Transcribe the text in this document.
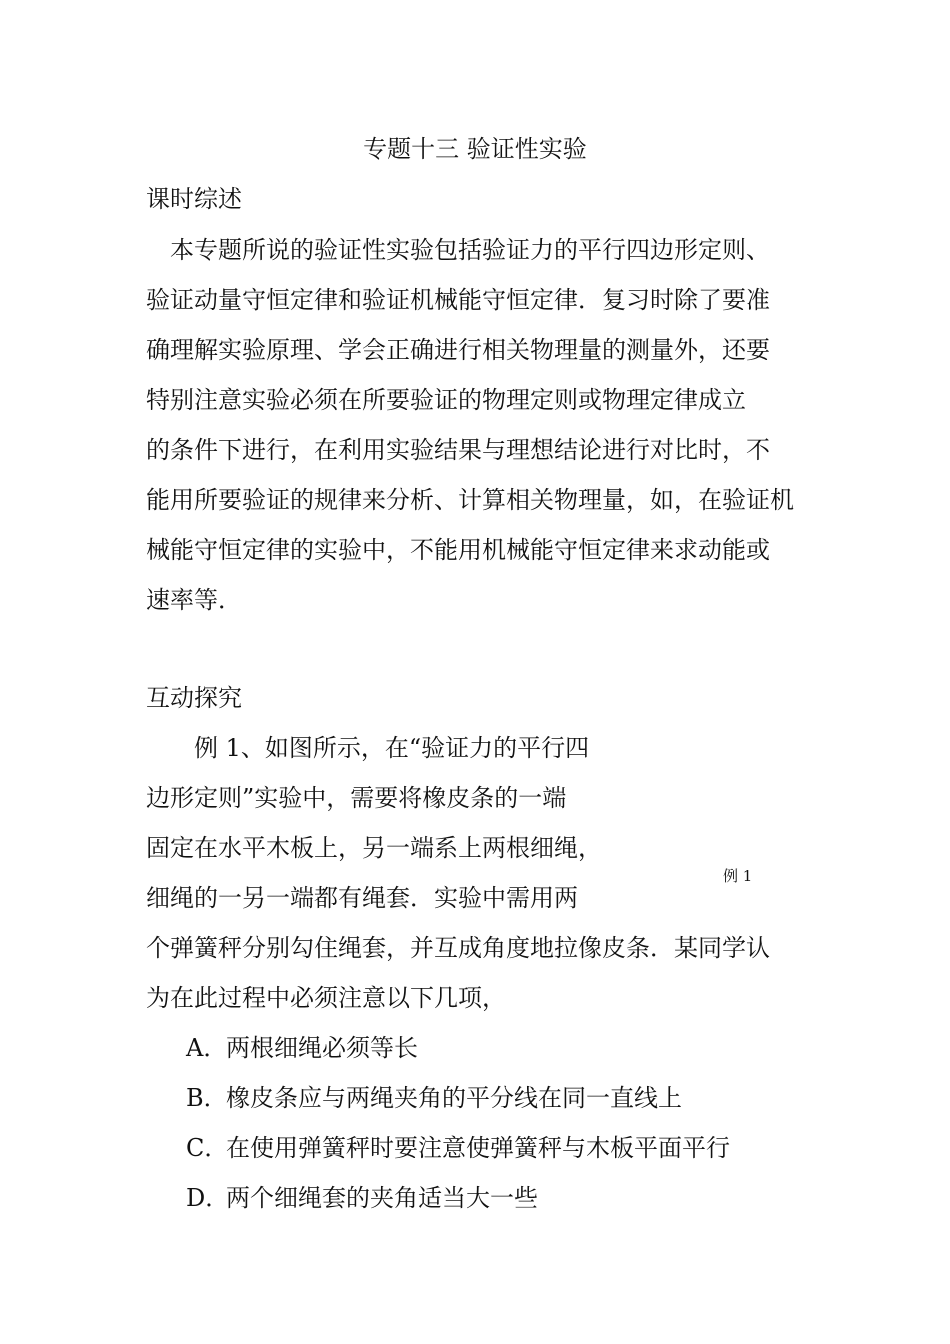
专题十三 验证性实验
课时综述
本专题所说的验证性实验包括验证力的平行四边形定则、
验证动量守恒定律和验证机械能守恒定律．复习时除了要准
确理解实验原理、学会正确进行相关物理量的测量外，还要
特别注意实验必须在所要验证的物理定则或物理定律成立
的条件下进行，在利用实验结果与理想结论进行对比时，不
能用所要验证的规律来分析、计算相关物理量，如，在验证机
械能守恒定律的实验中，不能用机械能守恒定律来求动能或
速率等．
互动探究
例 1、如图所示，在“验证力的平行四
边形定则”实验中，需要将橡皮条的一端
固定在水平木板上，另一端系上两根细绳，
细绳的一另一端都有绳套．实验中需用两
个弹簧秤分别勾住绳套，并互成角度地拉像皮条．某同学认
为在此过程中必须注意以下几项，
例 1
A．两根细绳必须等长
B．橡皮条应与两绳夹角的平分线在同一直线上
C．在使用弹簧秤时要注意使弹簧秤与木板平面平行
D．两个细绳套的夹角适当大一些
